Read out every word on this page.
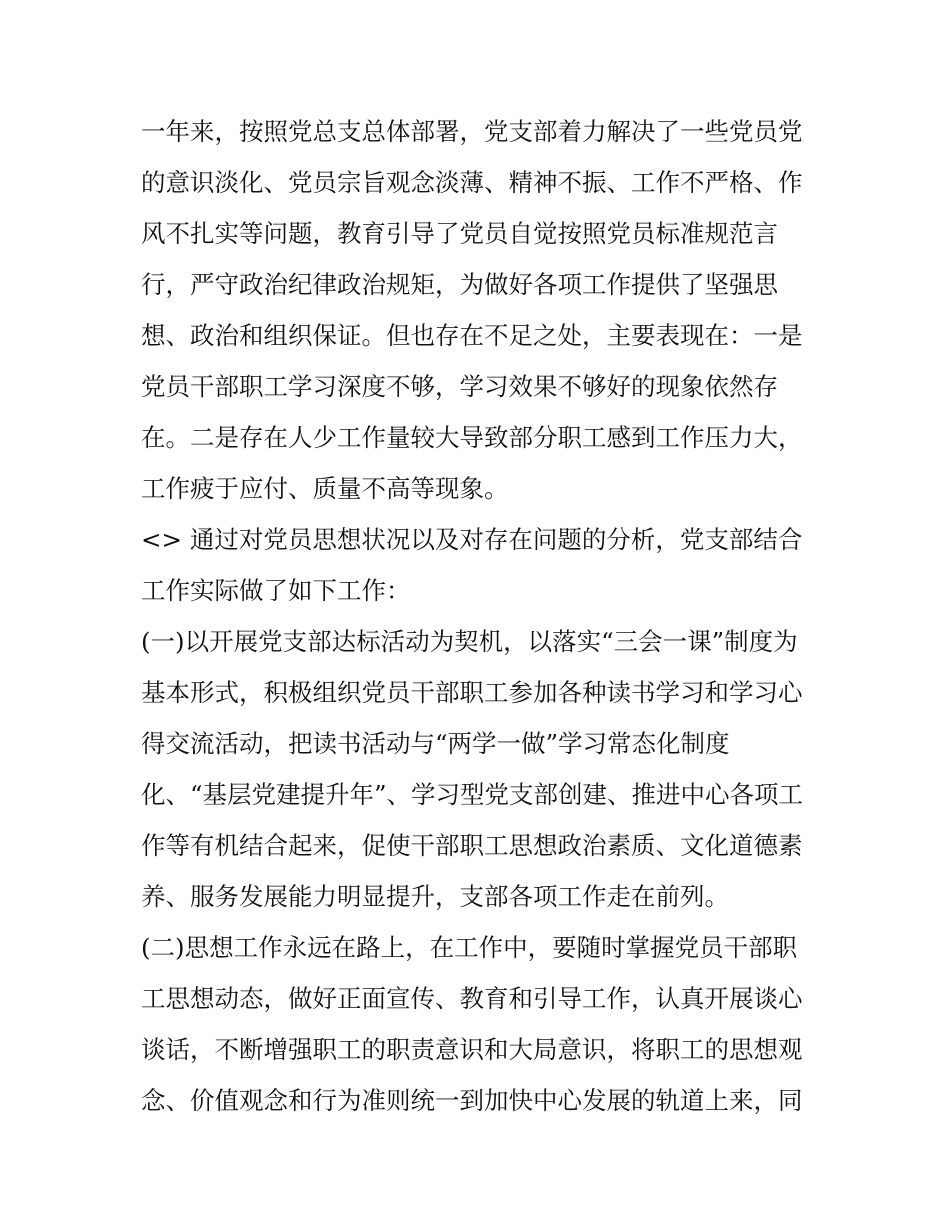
一年来，按照党总支总体部署，党支部着力解决了一些党员党
的意识淡化、党员宗旨观念淡薄、精神不振、工作不严格、作
风不扎实等问题，教育引导了党员自觉按照党员标准规范言
行，严守政治纪律政治规矩，为做好各项工作提供了坚强思
想、政治和组织保证。但也存在不足之处，主要表现在：一是
党员干部职工学习深度不够，学习效果不够好的现象依然存
在。二是存在人少工作量较大导致部分职工感到工作压力大，
工作疲于应付、质量不高等现象。
<> 通过对党员思想状况以及对存在问题的分析，党支部结合
工作实际做了如下工作：
(一)以开展党支部达标活动为契机，以落实“三会一课”制度为
基本形式，积极组织党员干部职工参加各种读书学习和学习心
得交流活动，把读书活动与“两学一做”学习常态化制度
化、“基层党建提升年”、学习型党支部创建、推进中心各项工
作等有机结合起来，促使干部职工思想政治素质、文化道德素
养、服务发展能力明显提升，支部各项工作走在前列。
(二)思想工作永远在路上，在工作中，要随时掌握党员干部职
工思想动态，做好正面宣传、教育和引导工作，认真开展谈心
谈话，不断增强职工的职责意识和大局意识，将职工的思想观
念、价值观念和行为准则统一到加快中心发展的轨道上来，同
